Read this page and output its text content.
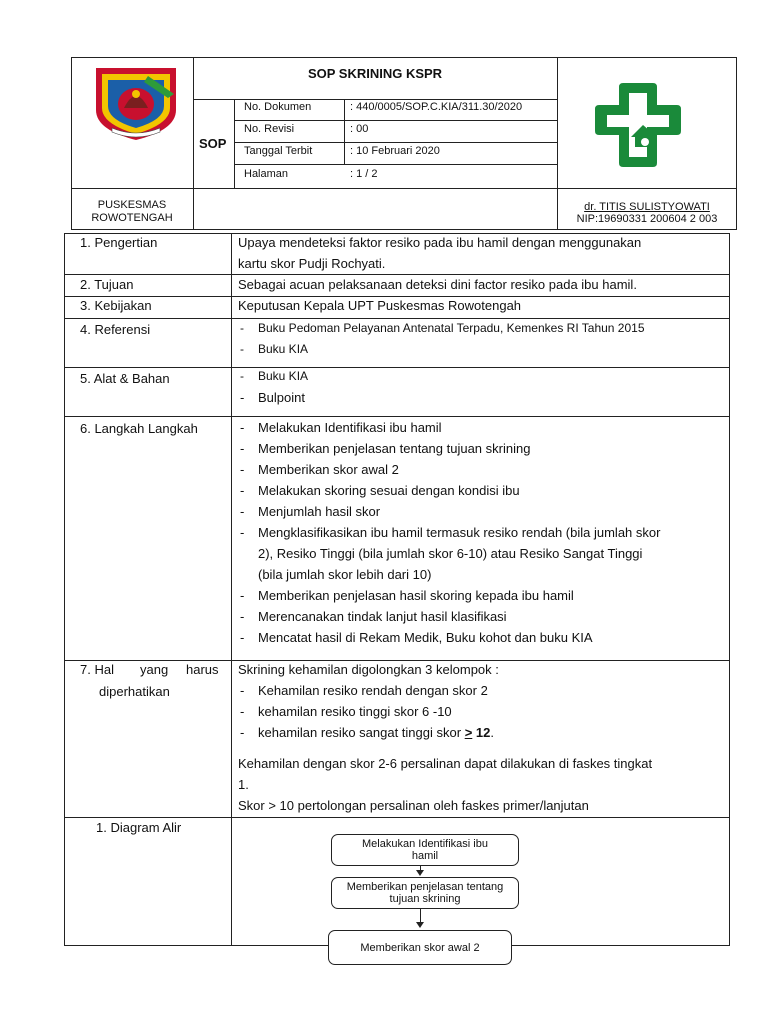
SOP SKRINING KSPR
SOP
No. Dokumen	: 440/0005/SOP.C.KIA/311.30/2020
No. Revisi	: 00
Tanggal Terbit	: 10 Februari 2020
Halaman	: 1 / 2
PUSKESMAS
ROWOTENGAH
dr. TITIS SULISTYOWATI
NIP:19690331 200604 2 003
1. Pengertian	Upaya mendeteksi faktor resiko pada ibu hamil dengan menggunakan
kartu skor Pudji Rochyati.
2. Tujuan	Sebagai acuan pelaksanaan deteksi dini factor resiko pada ibu hamil.
3. Kebijakan	Keputusan Kepala UPT Puskesmas Rowotengah
4. Referensi	- Buku Pedoman Pelayanan Antenatal Terpadu, Kemenkes RI Tahun 2015
- Buku KIA
5. Alat & Bahan	- Buku KIA
- Bulpoint
6. Langkah Langkah	- Melakukan Identifikasi ibu hamil
- Memberikan penjelasan tentang tujuan skrining
- Memberikan skor awal 2
- Melakukan skoring sesuai dengan kondisi ibu
- Menjumlah hasil skor
- Mengklasifikasikan ibu hamil termasuk resiko rendah (bila jumlah skor
2), Resiko Tinggi (bila jumlah skor 6-10) atau Resiko Sangat Tinggi
(bila jumlah skor lebih dari 10)
- Memberikan penjelasan hasil skoring kepada ibu hamil
- Merencanakan tindak lanjut hasil klasifikasi
- Mencatat hasil di Rekam Medik, Buku kohot dan buku KIA
7. Hal yang harus
diperhatikan
Skrining kehamilan digolongkan 3 kelompok :
- Kehamilan resiko rendah dengan skor 2
- kehamilan resiko tinggi skor 6 -10
- kehamilan resiko sangat tinggi skor ≥ 12.
Kehamilan dengan skor 2-6 persalinan dapat dilakukan di faskes tingkat
1.
Skor > 10 pertolongan persalinan oleh faskes primer/lanjutan
1. Diagram Alir
Melakukan Identifikasi ibu hamil
Memberikan penjelasan tentang tujuan skrining
Memberikan skor awal 2
